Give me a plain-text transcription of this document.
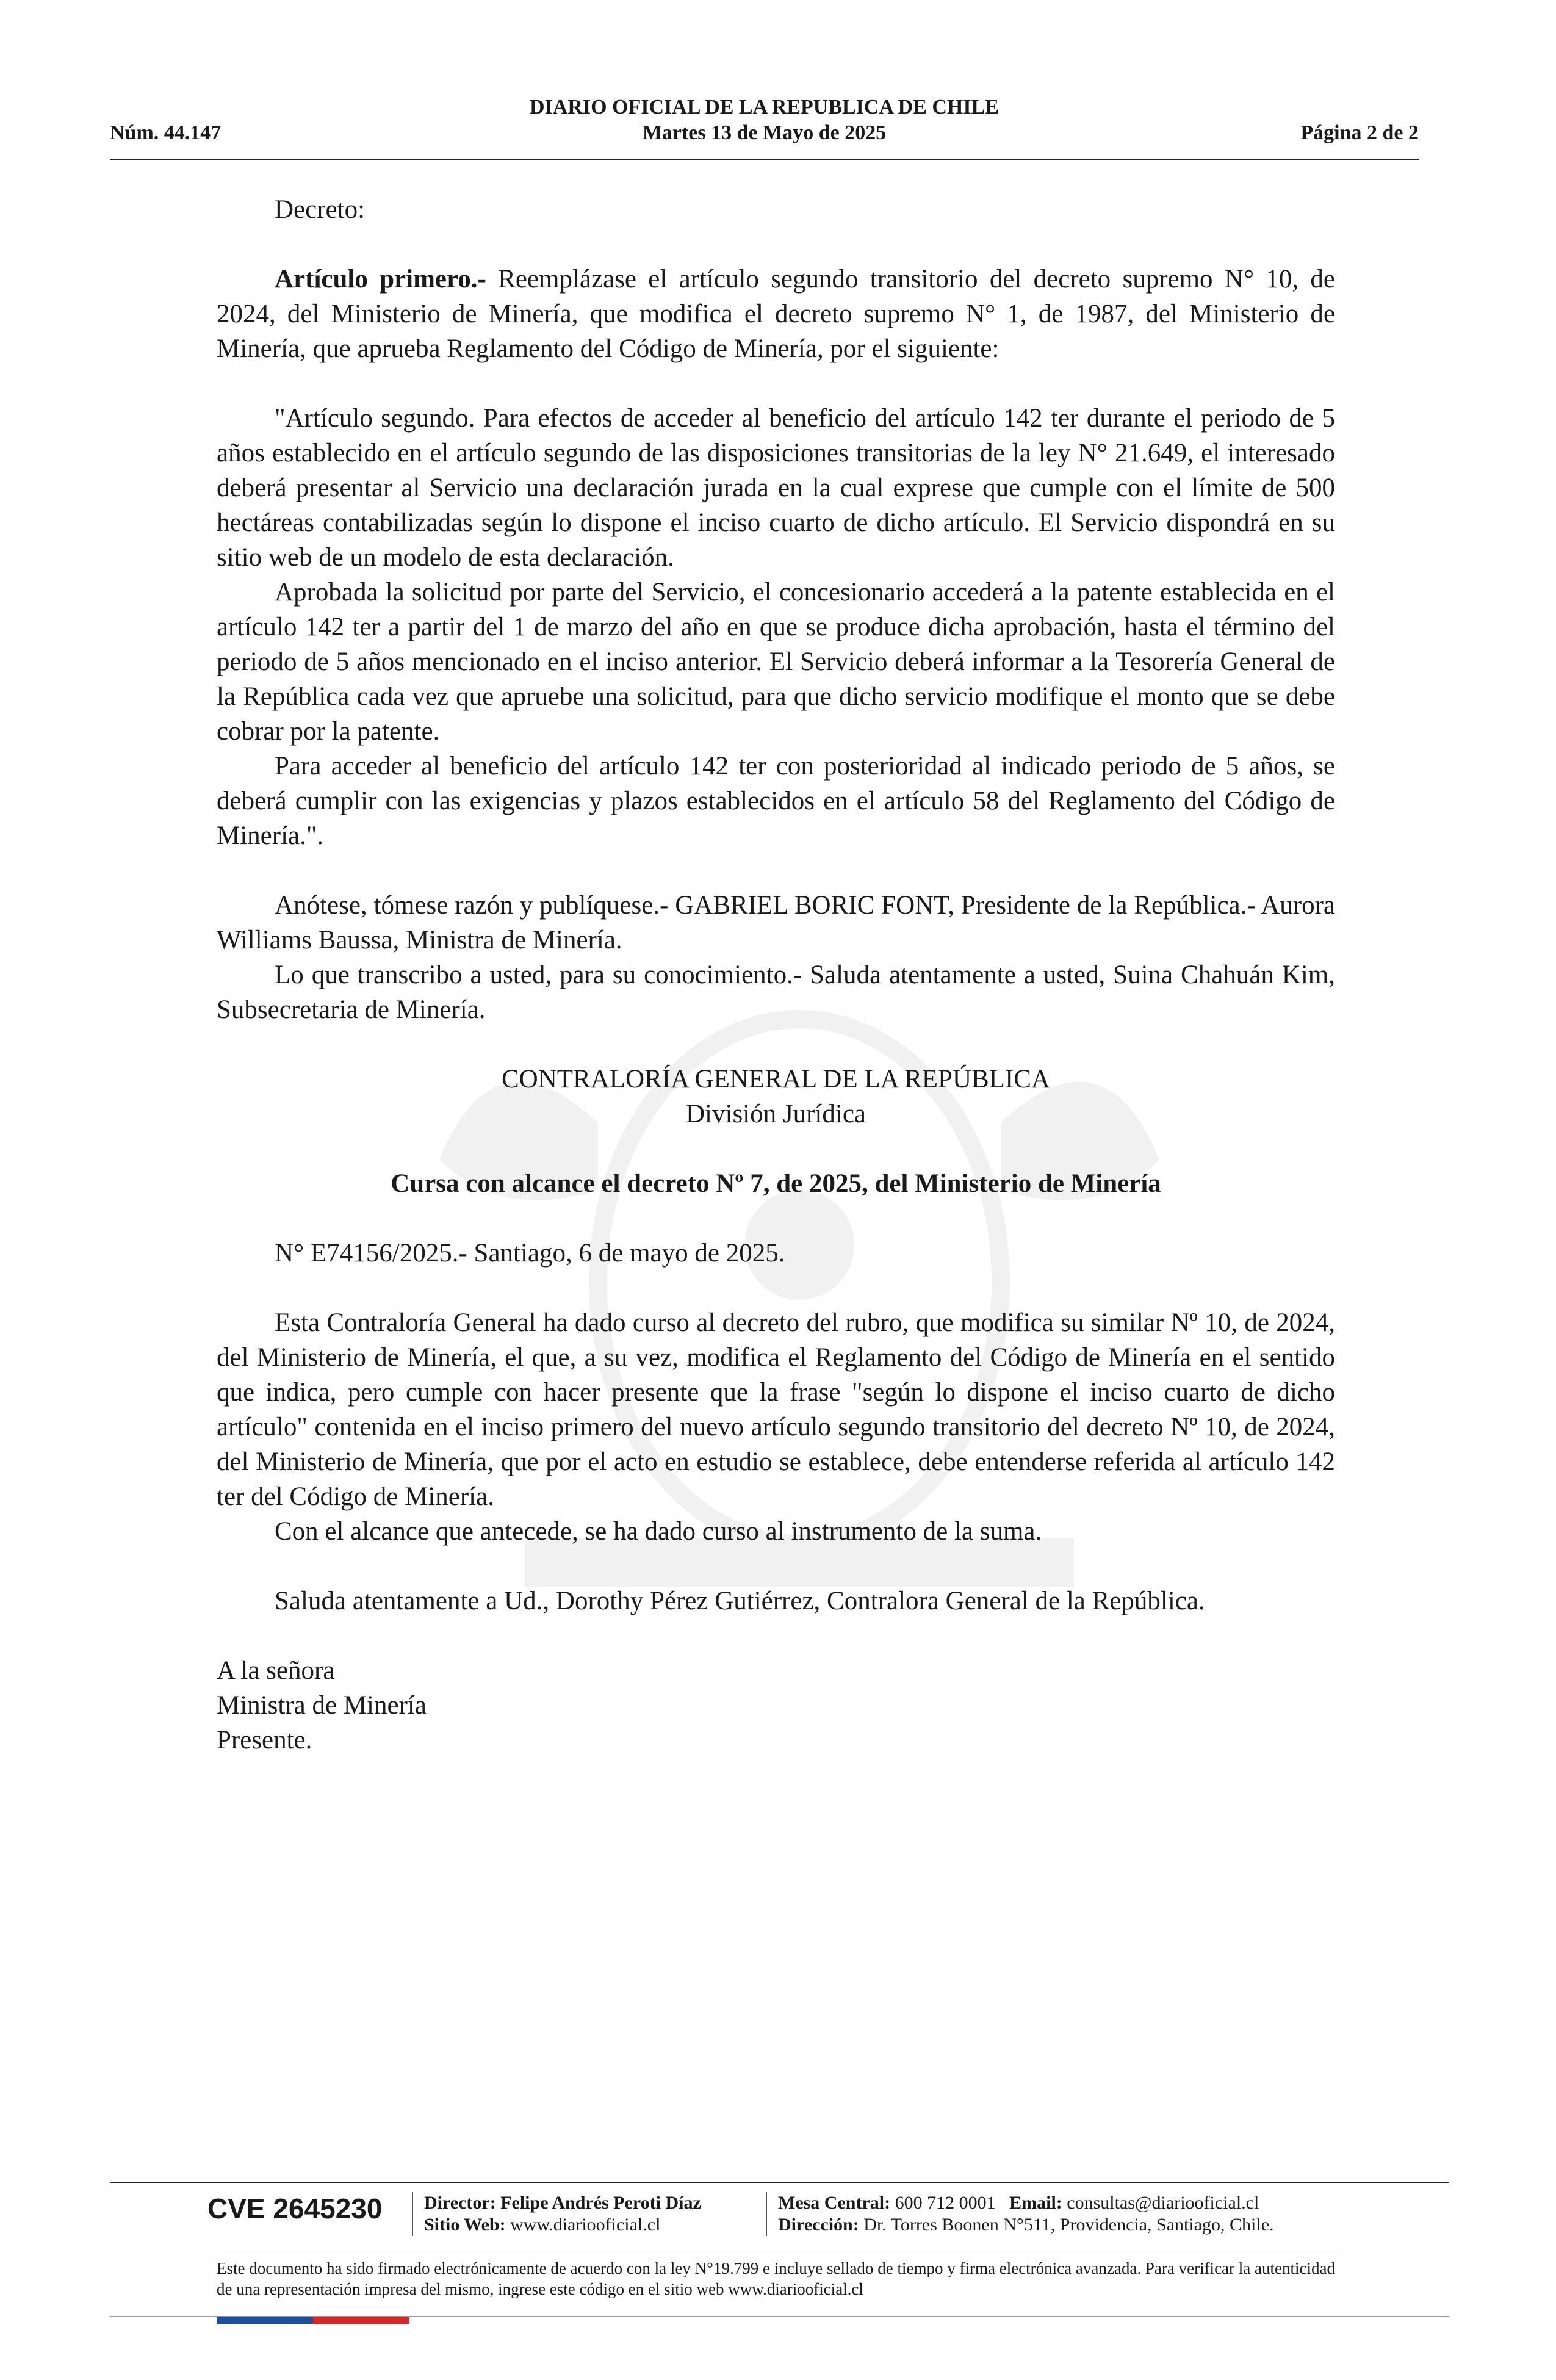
DIARIO OFICIAL DE LA REPUBLICA DE CHILE
Núm. 44.147	Martes 13 de Mayo de 2025	Página 2 de 2

Decreto:

Artículo primero.- Reemplázase el artículo segundo transitorio del decreto supremo N° 10, de 2024, del Ministerio de Minería, que modifica el decreto supremo N° 1, de 1987, del Ministerio de Minería, que aprueba Reglamento del Código de Minería, por el siguiente:

"Artículo segundo. Para efectos de acceder al beneficio del artículo 142 ter durante el periodo de 5 años establecido en el artículo segundo de las disposiciones transitorias de la ley N° 21.649, el interesado deberá presentar al Servicio una declaración jurada en la cual exprese que cumple con el límite de 500 hectáreas contabilizadas según lo dispone el inciso cuarto de dicho artículo. El Servicio dispondrá en su sitio web de un modelo de esta declaración.

Aprobada la solicitud por parte del Servicio, el concesionario accederá a la patente establecida en el artículo 142 ter a partir del 1 de marzo del año en que se produce dicha aprobación, hasta el término del periodo de 5 años mencionado en el inciso anterior. El Servicio deberá informar a la Tesorería General de la República cada vez que apruebe una solicitud, para que dicho servicio modifique el monto que se debe cobrar por la patente.

Para acceder al beneficio del artículo 142 ter con posterioridad al indicado periodo de 5 años, se deberá cumplir con las exigencias y plazos establecidos en el artículo 58 del Reglamento del Código de Minería.".

Anótese, tómese razón y publíquese.- GABRIEL BORIC FONT, Presidente de la República.- Aurora Williams Baussa, Ministra de Minería.

Lo que transcribo a usted, para su conocimiento.- Saluda atentamente a usted, Suina Chahuán Kim, Subsecretaria de Minería.

CONTRALORÍA GENERAL DE LA REPÚBLICA

División Jurídica

Cursa con alcance el decreto Nº 7, de 2025, del Ministerio de Minería

N° E74156/2025.- Santiago, 6 de mayo de 2025.

Esta Contraloría General ha dado curso al decreto del rubro, que modifica su similar Nº 10, de 2024, del Ministerio de Minería, el que, a su vez, modifica el Reglamento del Código de Minería en el sentido que indica, pero cumple con hacer presente que la frase "según lo dispone el inciso cuarto de dicho artículo" contenida en el inciso primero del nuevo artículo segundo transitorio del decreto Nº 10, de 2024, del Ministerio de Minería, que por el acto en estudio se establece, debe entenderse referida al artículo 142 ter del Código de Minería.

Con el alcance que antecede, se ha dado curso al instrumento de la suma.

Saluda atentamente a Ud., Dorothy Pérez Gutiérrez, Contralora General de la República.

A la señora

Ministra de Minería

Presente.

CVE 2645230	Director: Felipe Andrés Peroti Díaz
Sitio Web: www.diariooficial.cl
Mesa Central: 600 712 0001 Email: consultas@diariooficial.cl
Dirección: Dr. Torres Boonen N°511, Providencia, Santiago, Chile.
Este documento ha sido firmado electrónicamente de acuerdo con la ley N°19.799 e incluye sellado de tiempo y firma electrónica avanzada. Para verificar la autenticidad de una representación impresa del mismo, ingrese este código en el sitio web www.diariooficial.cl
